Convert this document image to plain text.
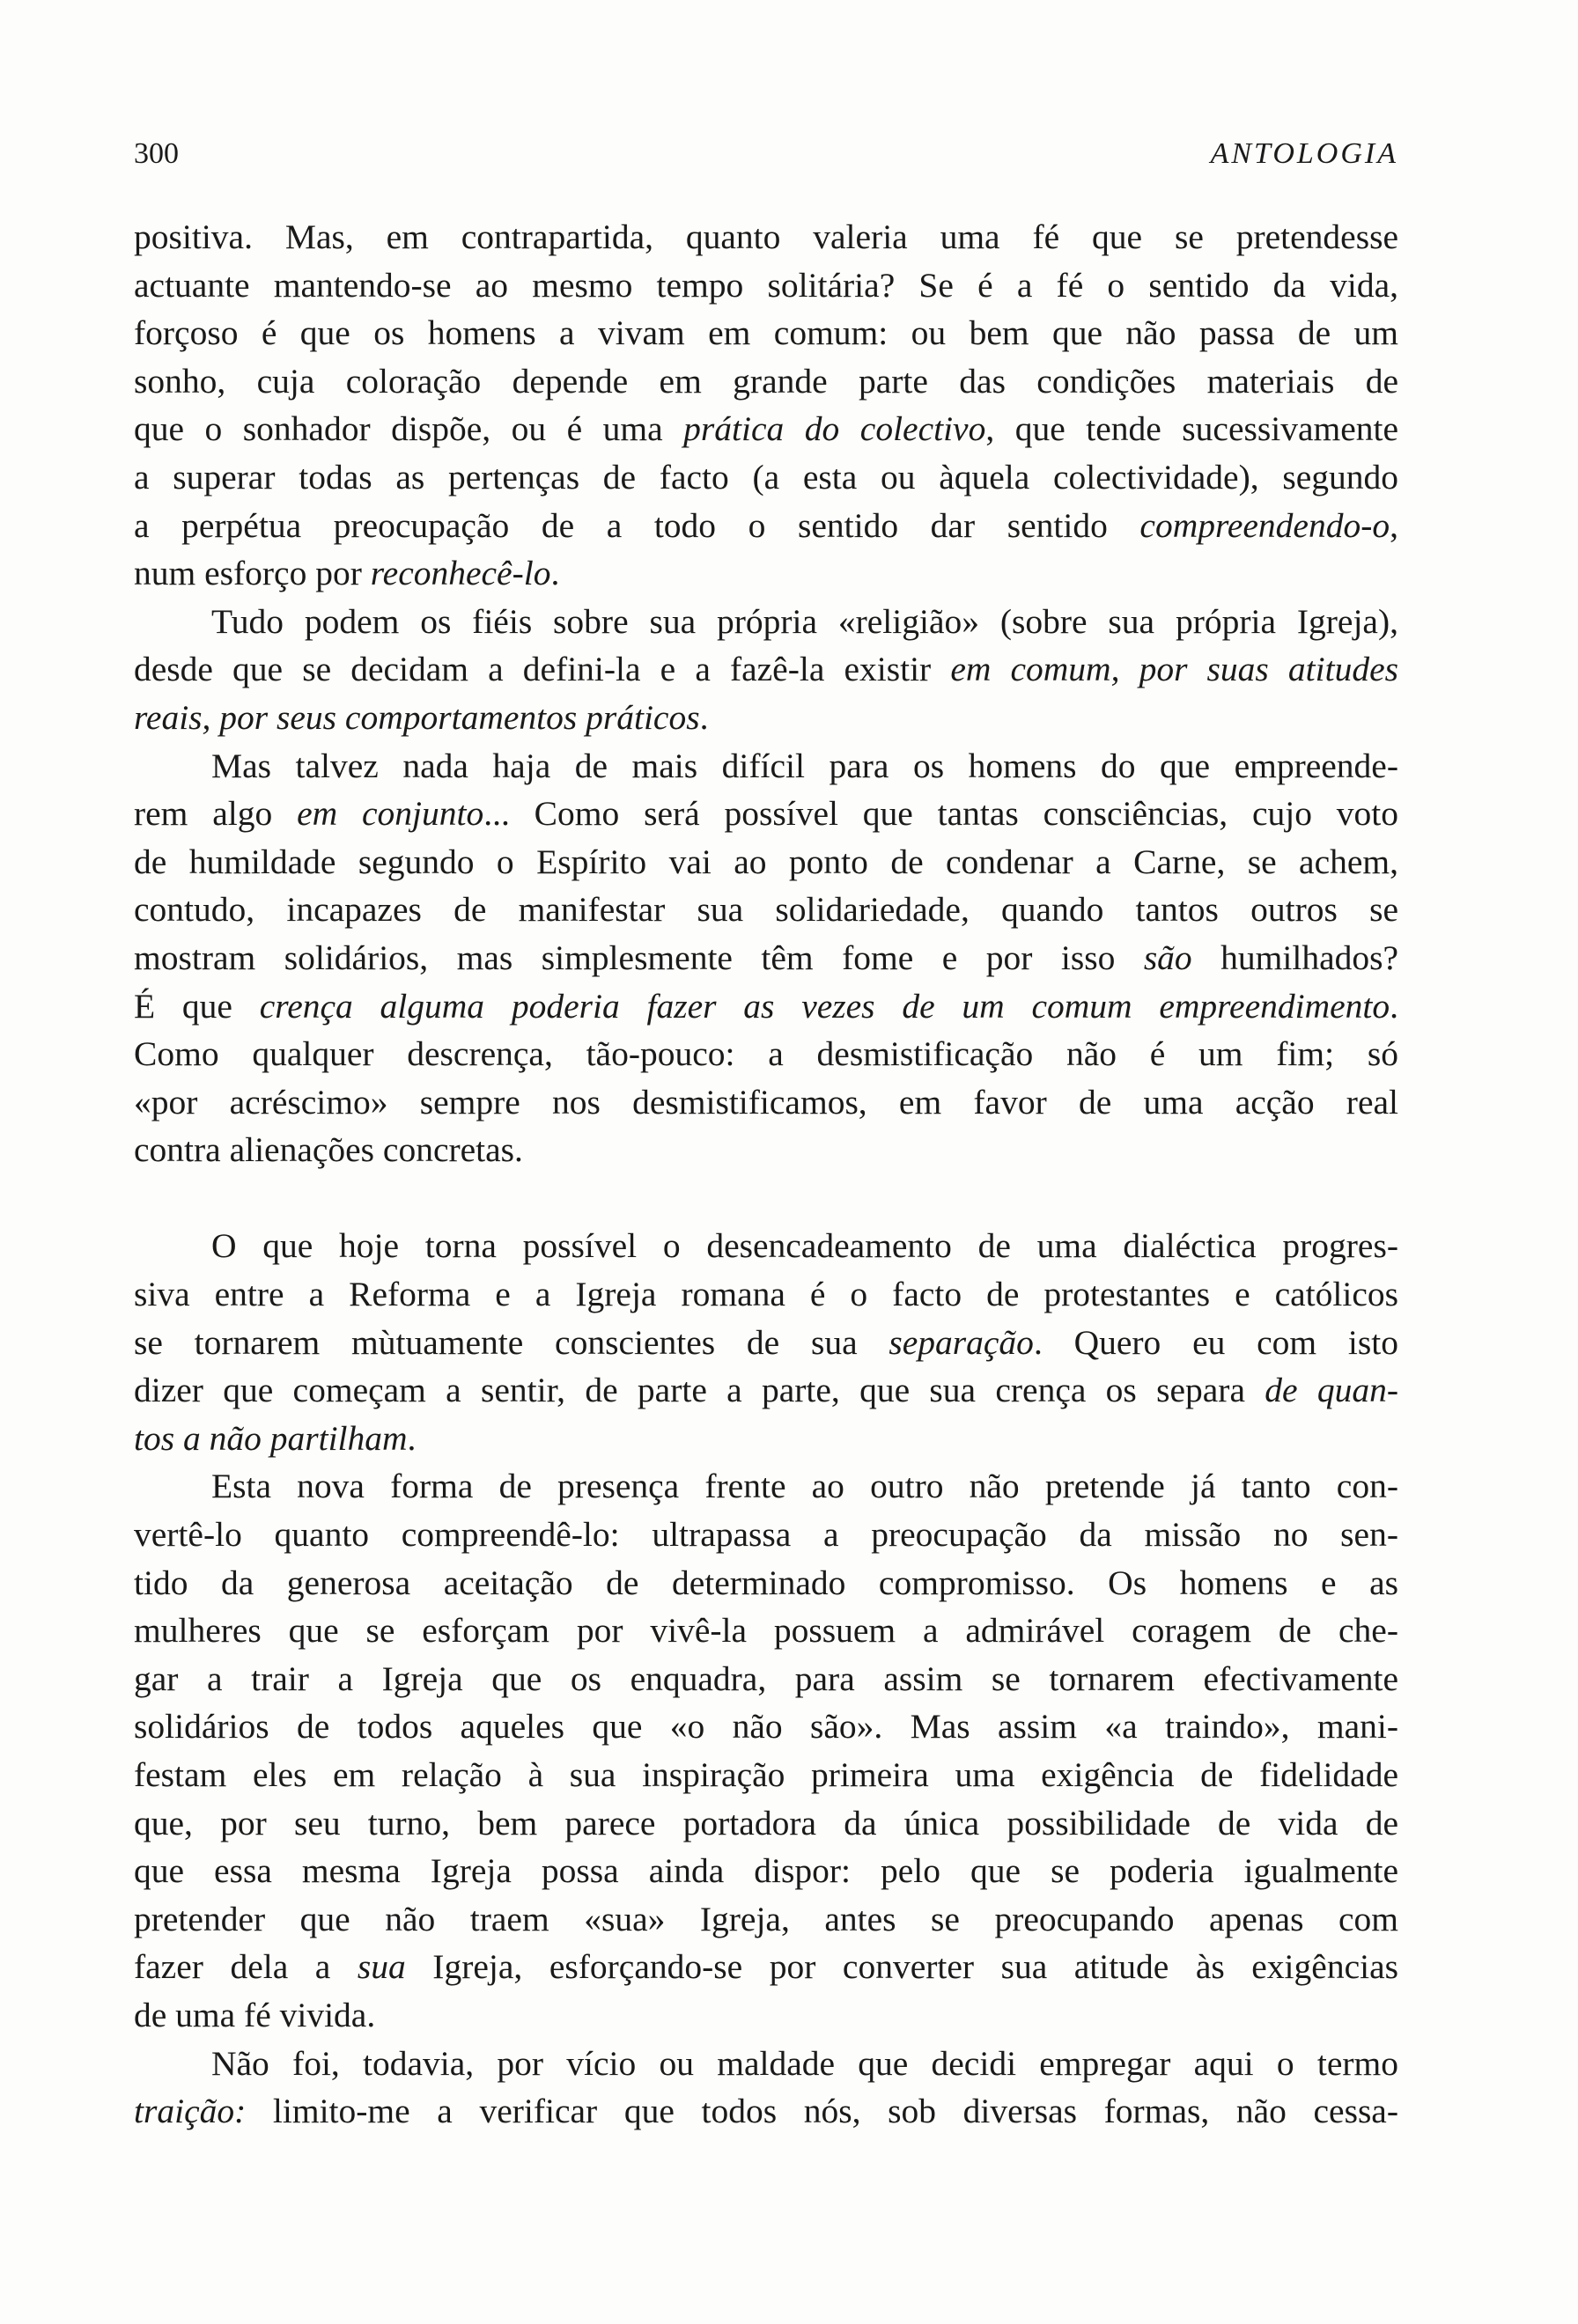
300	ANTOLOGIA
positiva. Mas, em contrapartida, quanto valeria uma fé que se pretendesse
actuante mantendo-se ao mesmo tempo solitária? Se é a fé o sentido da vida,
forçoso é que os homens a vivam em comum: ou bem que não passa de um
sonho, cuja coloração depende em grande parte das condições materiais de
que o sonhador dispõe, ou é uma prática do colectivo, que tende sucessivamente
a superar todas as pertenças de facto (a esta ou àquela colectividade), segundo
a perpétua preocupação de a todo o sentido dar sentido compreendendo-o,
num esforço por reconhecê-lo.
Tudo podem os fiéis sobre sua própria «religião» (sobre sua própria Igreja),
desde que se decidam a defini-la e a fazê-la existir em comum, por suas atitudes
reais, por seus comportamentos práticos.
Mas talvez nada haja de mais difícil para os homens do que empreende-
rem algo em conjunto... Como será possível que tantas consciências, cujo voto
de humildade segundo o Espírito vai ao ponto de condenar a Carne, se achem,
contudo, incapazes de manifestar sua solidariedade, quando tantos outros se
mostram solidários, mas simplesmente têm fome e por isso são humilhados?
É que crença alguma poderia fazer as vezes de um comum empreendimento.
Como qualquer descrença, tão-pouco: a desmistificação não é um fim; só
«por acréscimo» sempre nos desmistificamos, em favor de uma acção real
contra alienações concretas.
O que hoje torna possível o desencadeamento de uma dialéctica progres-
siva entre a Reforma e a Igreja romana é o facto de protestantes e católicos
se tornarem mùtuamente conscientes de sua separação. Quero eu com isto
dizer que começam a sentir, de parte a parte, que sua crença os separa de quan-
tos a não partilham.
Esta nova forma de presença frente ao outro não pretende já tanto con-
vertê-lo quanto compreendê-lo: ultrapassa a preocupação da missão no sen-
tido da generosa aceitação de determinado compromisso. Os homens e as
mulheres que se esforçam por vivê-la possuem a admirável coragem de che-
gar a trair a Igreja que os enquadra, para assim se tornarem efectivamente
solidários de todos aqueles que «o não são». Mas assim «a traindo», mani-
festam eles em relação à sua inspiração primeira uma exigência de fidelidade
que, por seu turno, bem parece portadora da única possibilidade de vida de
que essa mesma Igreja possa ainda dispor: pelo que se poderia igualmente
pretender que não traem «sua» Igreja, antes se preocupando apenas com
fazer dela a sua Igreja, esforçando-se por converter sua atitude às exigências
de uma fé vivida.
Não foi, todavia, por vício ou maldade que decidi empregar aqui o termo
traição: limito-me a verificar que todos nós, sob diversas formas, não cessa-
